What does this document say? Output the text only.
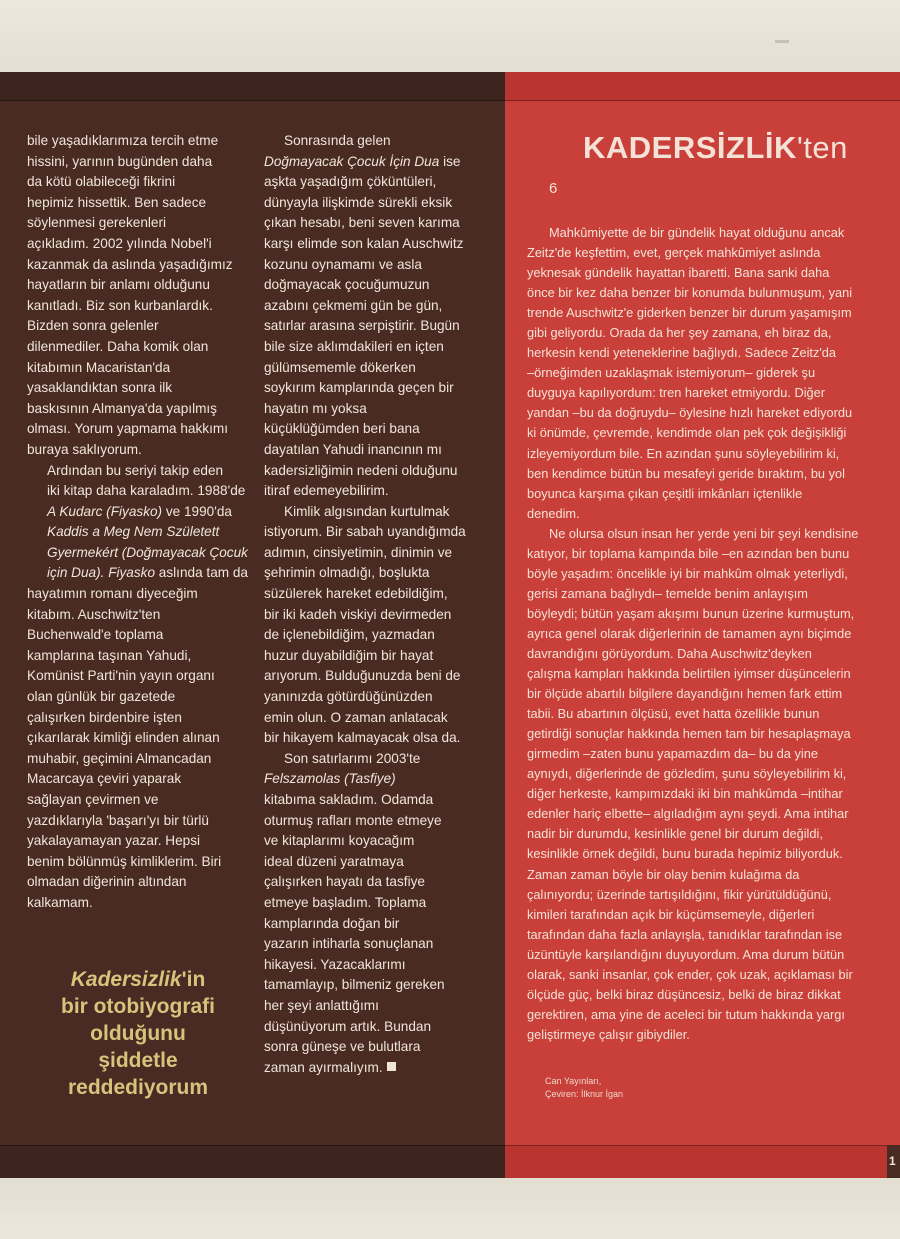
bile yaşadıklarımıza tercih etme
hissini, yarının bugünden daha
da kötü olabileceği fikrini
hepimiz hissettik. Ben sadece
söylenmesi gerekenleri
açıkladım. 2002 yılında Nobel'i
kazanmak da aslında yaşadığımız
hayatların bir anlamı olduğunu
kanıtladı. Biz son kurbanlardık.
Bizden sonra gelenler
dilenmediler. Daha komik olan
kitabımın Macaristan'da
yasaklandıktan sonra ilk
baskısının Almanya'da yapılmış
olması. Yorum yapmama hakkımı
buraya saklıyorum.

Ardından bu seriyi takip eden
iki kitap daha karaladım. 1988'de
A Kudarc (Fiyasko) ve 1990'da
Kaddis a Meg Nem Született
Gyermekért (Doğmayacak Çocuk
için Dua). Fiyasko aslında tam da
hayatımın romanı diyeceğim
kitabım. Auschwitz'ten
Buchenwald'e toplama
kamplarına taşınan Yahudi,
Komünist Parti'nin yayın organı
olan günlük bir gazetede
çalışırken birdenbire işten
çıkarılarak kimliği elinden alınan
muhabir, geçimini Almancadan
Macarcaya çeviri yaparak
sağlayan çevirmen ve
yazdıklarıyla 'başarı'yı bir türlü
yakalayamayan yazar. Hepsi
benim bölünmüş kimliklerim. Biri
olmadan diğerinin altından
kalkamam.

Kadersizlik'in
bir otobiyografi
olduğunu
şiddetle
reddediyorum

Sonrasında gelen
Doğmayacak Çocuk İçin Dua ise
aşkta yaşadığım çöküntüleri,
dünyayla ilişkimde sürekli eksik
çıkan hesabı, beni seven karıma
karşı elimde son kalan Auschwitz
kozunu oynamamı ve asla
doğmayacak çocuğumuzun
azabını çekmemi gün be gün,
satırlar arasına serpiştirir. Bugün
bile size aklımdakileri en içten
gülümsememle dökerken
soykırım kamplarında geçen bir
hayatın mı yoksa
küçüklüğümden beri bana
dayatılan Yahudi inancının mı
kadersizliğimin nedeni olduğunu
itiraf edemeyebilirim.

Kimlik algısından kurtulmak
istiyorum. Bir sabah uyandığımda
adımın, cinsiyetimin, dinimin ve
şehrimin olmadığı, boşlukta
süzülerek hareket edebildiğim,
bir iki kadeh viskiyi devirmeden
de içlenebildiğim, yazmadan
huzur duyabildiğim bir hayat
arıyorum. Bulduğunuzda beni de
yanınızda götürdüğünüzden
emin olun. O zaman anlatacak
bir hikayem kalmayacak olsa da.

Son satırlarımı 2003'te
Felszamolas (Tasfiye)
kitabıma sakladım. Odamda
oturmuş rafları monte etmeye
ve kitaplarımı koyacağım
ideal düzeni yaratmaya
çalışırken hayatı da tasfiye
etmeye başladım. Toplama
kamplarında doğan bir
yazarın intiharla sonuçlanan
hikayesi. Yazacaklarımı
tamamlayıp, bilmeniz gereken
her şeyi anlattığımı
düşünüyorum artık. Bundan
sonra güneşe ve bulutlara
zaman ayırmalıyım.

KADERSİZLİK'ten
6

Mahkûmiyette de bir gündelik hayat olduğunu ancak
Zeitz'de keşfettim, evet, gerçek mahkûmiyet aslında
yeknesak gündelik hayattan ibaretti. Bana sanki daha
önce bir kez daha benzer bir konumda bulunmuşum, yani
trende Auschwitz'e giderken benzer bir durum yaşamışım
gibi geliyordu. Orada da her şey zamana, eh biraz da,
herkesin kendi yeteneklerine bağlıydı. Sadece Zeitz'da
–örneğimden uzaklaşmak istemiyorum– giderek şu
duyguya kapılıyordum: tren hareket etmiyordu. Diğer
yandan –bu da doğruydu– öylesine hızlı hareket ediyordu
ki önümde, çevremde, kendimde olan pek çok değişikliği
izleyemiyordum bile. En azından şunu söyleyebilirim ki,
ben kendimce bütün bu mesafeyi geride bıraktım, bu yol
boyunca karşıma çıkan çeşitli imkânları içtenlikle
denedim.

Ne olursa olsun insan her yerde yeni bir şeyi kendisine
katıyor, bir toplama kampında bile –en azından ben bunu
böyle yaşadım: öncelikle iyi bir mahkûm olmak yeterliydi,
gerisi zamana bağlıydı– temelde benim anlayışım
böyleydi; bütün yaşam akışımı bunun üzerine kurmuştum,
ayrıca genel olarak diğerlerinin de tamamen aynı biçimde
davrandığını görüyordum. Daha Auschwitz'deyken
çalışma kampları hakkında belirtilen iyimser düşüncelerin
bir ölçüde abartılı bilgilere dayandığını hemen fark ettim
tabii. Bu abartının ölçüsü, evet hatta özellikle bunun
getirdiği sonuçlar hakkında hemen tam bir hesaplaşmaya
girmedim –zaten bunu yapamazdım da– bu da yine
aynıydı, diğerlerinde de gözledim, şunu söyleyebilirim ki,
diğer herkeste, kampımızdaki iki bin mahkûmda –intihar
edenler hariç elbette– algıladığım aynı şeydi. Ama intihar
nadir bir durumdu, kesinlikle genel bir durum değildi,
kesinlikle örnek değildi, bunu burada hepimiz biliyorduk.
Zaman zaman böyle bir olay benim kulağıma da
çalınıyordu; üzerinde tartışıldığını, fikir yürütüldüğünü,
kimileri tarafından açık bir küçümsemeyle, diğerleri
tarafından daha fazla anlayışla, tanıdıklar tarafından ise
üzüntüyle karşılandığını duyuyordum. Ama durum bütün
olarak, sanki insanlar, çok ender, çok uzak, açıklaması bir
ölçüde güç, belki biraz düşüncesiz, belki de biraz dikkat
gerektiren, ama yine de aceleci bir tutum hakkında yargı
geliştirmeye çalışır gibiydiler.

Can Yayınları,
Çeviren: İlknur İgan
1
